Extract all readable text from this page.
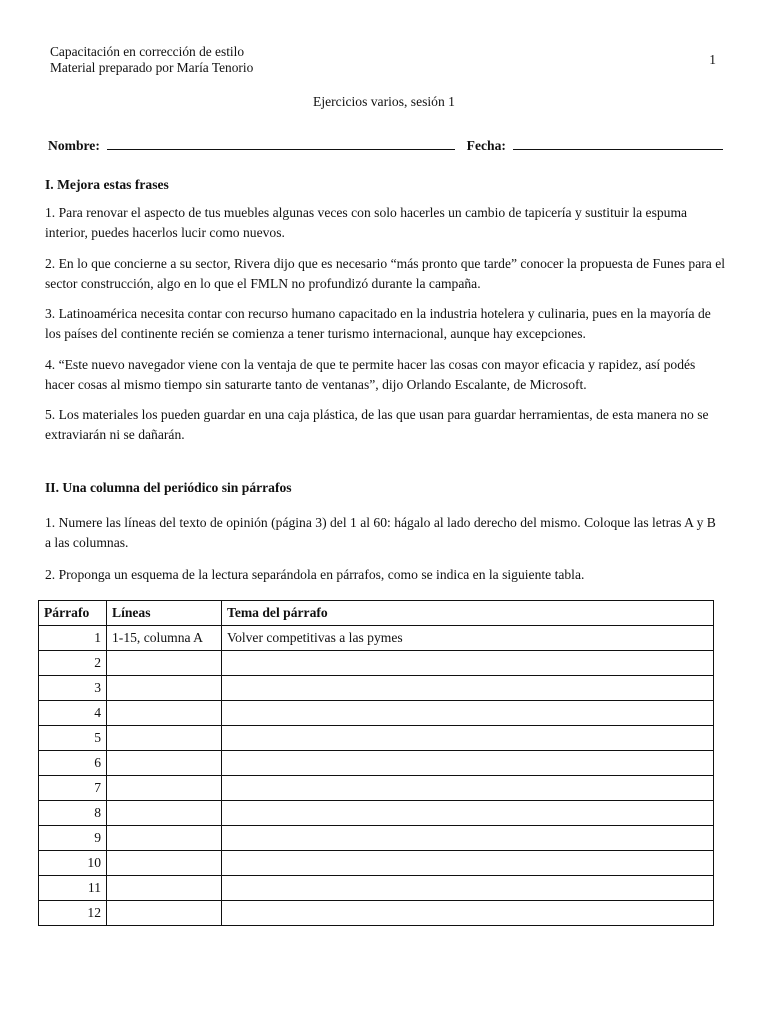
Capacitación en corrección de estilo
Material preparado por María Tenorio
1
Ejercicios varios, sesión 1
Nombre:	Fecha:
I. Mejora estas frases
1. Para renovar el aspecto de tus muebles algunas veces con solo hacerles un cambio de tapicería y sustituir la espuma interior, puedes hacerlos lucir como nuevos.
2. En lo que concierne a su sector, Rivera dijo que es necesario “más pronto que tarde” conocer la propuesta de Funes para el sector construcción, algo en lo que el FMLN no profundizó durante la campaña.
3. Latinoamérica necesita contar con recurso humano capacitado en la industria hotelera y culinaria, pues en la mayoría de los países del continente recién se comienza a tener turismo internacional, aunque hay excepciones.
4. “Este nuevo navegador viene con la ventaja de que te permite hacer las cosas con mayor eficacia y rapidez, así podés hacer cosas al mismo tiempo sin saturarte tanto de ventanas”, dijo Orlando Escalante, de Microsoft.
5. Los materiales los pueden guardar en una caja plástica, de las que usan para guardar herramientas, de esta manera no se extraviarán ni se dañarán.
II. Una columna del periódico sin párrafos
1. Numere las líneas del texto de opinión (página 3) del 1 al 60: hágalo al lado derecho del mismo. Coloque las letras A y B a las columnas.
2. Proponga un esquema de la lectura separándola en párrafos, como se indica en la siguiente tabla.
Párrafo	Líneas	Tema del párrafo
1	1-15, columna A	Volver competitivas a las pymes
2		
3		
4		
5		
6		
7		
8		
9		
10		
11		
12		
